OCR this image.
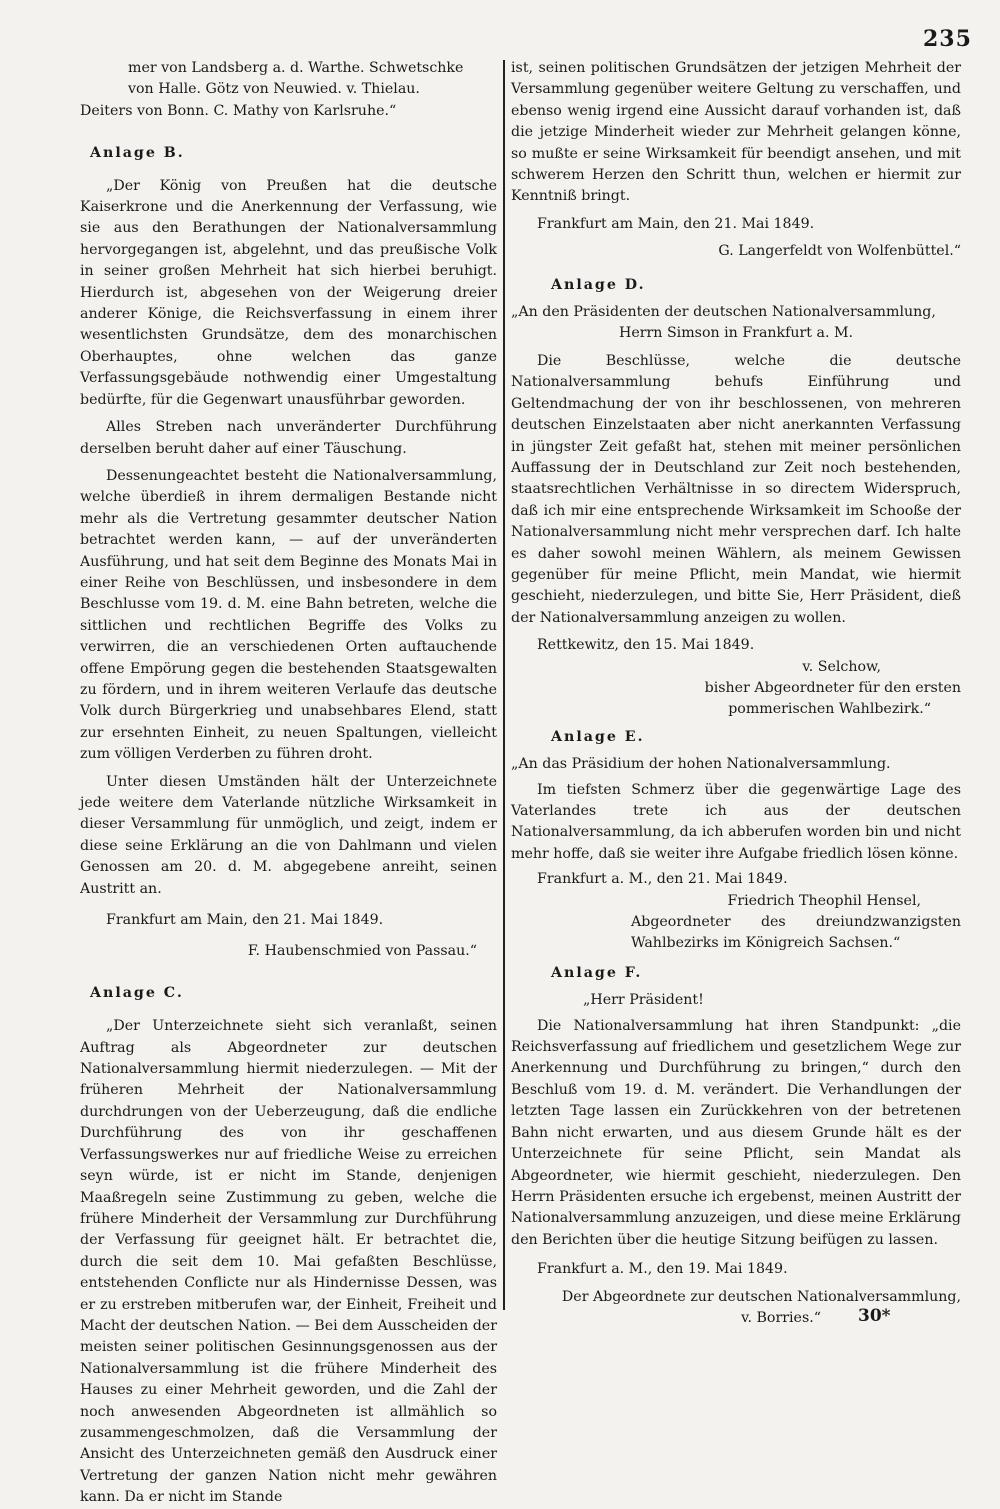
235

mer von Landsberg a. d. Warthe. Schwetschke

von Halle. Götz von Neuwied. v. Thielau.

Deiters von Bonn. C. Mathy von Karlsruhe.“

Anlage B.

„Der König von Preußen hat die deutsche Kaiserkrone und die Anerkennung der Verfassung, wie sie aus den Berathungen der Nationalversammlung hervorgegangen ist, abgelehnt, und das preußische Volk in seiner großen Mehrheit hat sich hierbei beruhigt. Hierdurch ist, abgesehen von der Weigerung dreier anderer Könige, die Reichsverfassung in einem ihrer wesentlichsten Grundsätze, dem des monarchischen Oberhauptes, ohne welchen das ganze Verfassungsgebäude nothwendig einer Umgestaltung bedürfte, für die Gegenwart unausführbar geworden.

Alles Streben nach unveränderter Durchführung derselben beruht daher auf einer Täuschung.

Dessenungeachtet besteht die Nationalversammlung, welche überdieß in ihrem dermaligen Bestande nicht mehr als die Vertretung gesammter deutscher Nation betrachtet werden kann, — auf der unveränderten Ausführung, und hat seit dem Beginne des Monats Mai in einer Reihe von Beschlüssen, und insbesondere in dem Beschlusse vom 19. d. M. eine Bahn betreten, welche die sittlichen und rechtlichen Begriffe des Volks zu verwirren, die an verschiedenen Orten auftauchende offene Empörung gegen die bestehenden Staatsgewalten zu fördern, und in ihrem weiteren Verlaufe das deutsche Volk durch Bürgerkrieg und unabsehbares Elend, statt zur ersehnten Einheit, zu neuen Spaltungen, vielleicht zum völligen Verderben zu führen droht.

Unter diesen Umständen hält der Unterzeichnete jede weitere dem Vaterlande nützliche Wirksamkeit in dieser Versammlung für unmöglich, und zeigt, indem er diese seine Erklärung an die von Dahlmann und vielen Genossen am 20. d. M. abgegebene anreiht, seinen Austritt an.

Frankfurt am Main, den 21. Mai 1849.

F. Haubenschmied von Passau.“

Anlage C.

„Der Unterzeichnete sieht sich veranlaßt, seinen Auftrag als Abgeordneter zur deutschen Nationalversammlung hiermit niederzulegen. — Mit der früheren Mehrheit der Nationalversammlung durchdrungen von der Ueberzeugung, daß die endliche Durchführung des von ihr geschaffenen Verfassungswerkes nur auf friedliche Weise zu erreichen seyn würde, ist er nicht im Stande, denjenigen Maaßregeln seine Zustimmung zu geben, welche die frühere Minderheit der Versammlung zur Durchführung der Verfassung für geeignet hält. Er betrachtet die, durch die seit dem 10. Mai gefaßten Beschlüsse, entstehenden Conflicte nur als Hindernisse Dessen, was er zu erstreben mitberufen war, der Einheit, Freiheit und Macht der deutschen Nation. — Bei dem Ausscheiden der meisten seiner politischen Gesinnungsgenossen aus der Nationalversammlung ist die frühere Minderheit des Hauses zu einer Mehrheit geworden, und die Zahl der noch anwesenden Abgeordneten ist allmählich so zusammengeschmolzen, daß die Versammlung der Ansicht des Unterzeichneten gemäß den Ausdruck einer Vertretung der ganzen Nation nicht mehr gewähren kann. Da er nicht im Stande

ist, seinen politischen Grundsätzen der jetzigen Mehrheit der Versammlung gegenüber weitere Geltung zu verschaffen, und ebenso wenig irgend eine Aussicht darauf vorhanden ist, daß die jetzige Minderheit wieder zur Mehrheit gelangen könne, so mußte er seine Wirksamkeit für beendigt ansehen, und mit schwerem Herzen den Schritt thun, welchen er hiermit zur Kenntniß bringt.

Frankfurt am Main, den 21. Mai 1849.

G. Langerfeldt von Wolfenbüttel.“

Anlage D.

„An den Präsidenten der deutschen Nationalversammlung,

Herrn Simson in Frankfurt a. M.

Die Beschlüsse, welche die deutsche Nationalversammlung behufs Einführung und Geltendmachung der von ihr beschlossenen, von mehreren deutschen Einzelstaaten aber nicht anerkannten Verfassung in jüngster Zeit gefaßt hat, stehen mit meiner persönlichen Auffassung der in Deutschland zur Zeit noch bestehenden, staatsrechtlichen Verhältnisse in so directem Widerspruch, daß ich mir eine entsprechende Wirksamkeit im Schooße der Nationalversammlung nicht mehr versprechen darf. Ich halte es daher sowohl meinen Wählern, als meinem Gewissen gegenüber für meine Pflicht, mein Mandat, wie hiermit geschieht, niederzulegen, und bitte Sie, Herr Präsident, dieß der Nationalversammlung anzeigen zu wollen.

Rettkewitz, den 15. Mai 1849.

v. Selchow,

bisher Abgeordneter für den ersten

pommerischen Wahlbezirk.“

Anlage E.

„An das Präsidium der hohen Nationalversammlung.

Im tiefsten Schmerz über die gegenwärtige Lage des Vaterlandes trete ich aus der deutschen Nationalversammlung, da ich abberufen worden bin und nicht mehr hoffe, daß sie weiter ihre Aufgabe friedlich lösen könne.

Frankfurt a. M., den 21. Mai 1849.

Friedrich Theophil Hensel,

Abgeordneter des dreiundzwanzigsten Wahlbezirks im Königreich Sachsen.“

Anlage F.

„Herr Präsident!

Die Nationalversammlung hat ihren Standpunkt: „die Reichsverfassung auf friedlichem und gesetzlichem Wege zur Anerkennung und Durchführung zu bringen,“ durch den Beschluß vom 19. d. M. verändert. Die Verhandlungen der letzten Tage lassen ein Zurückkehren von der betretenen Bahn nicht erwarten, und aus diesem Grunde hält es der Unterzeichnete für seine Pflicht, sein Mandat als Abgeordneter, wie hiermit geschieht, niederzulegen. Den Herrn Präsidenten ersuche ich ergebenst, meinen Austritt der Nationalversammlung anzuzeigen, und diese meine Erklärung den Berichten über die heutige Sitzung beifügen zu lassen.

Frankfurt a. M., den 19. Mai 1849.

Der Abgeordnete zur deutschen Nationalversammlung,

v. Borries.“	30*
